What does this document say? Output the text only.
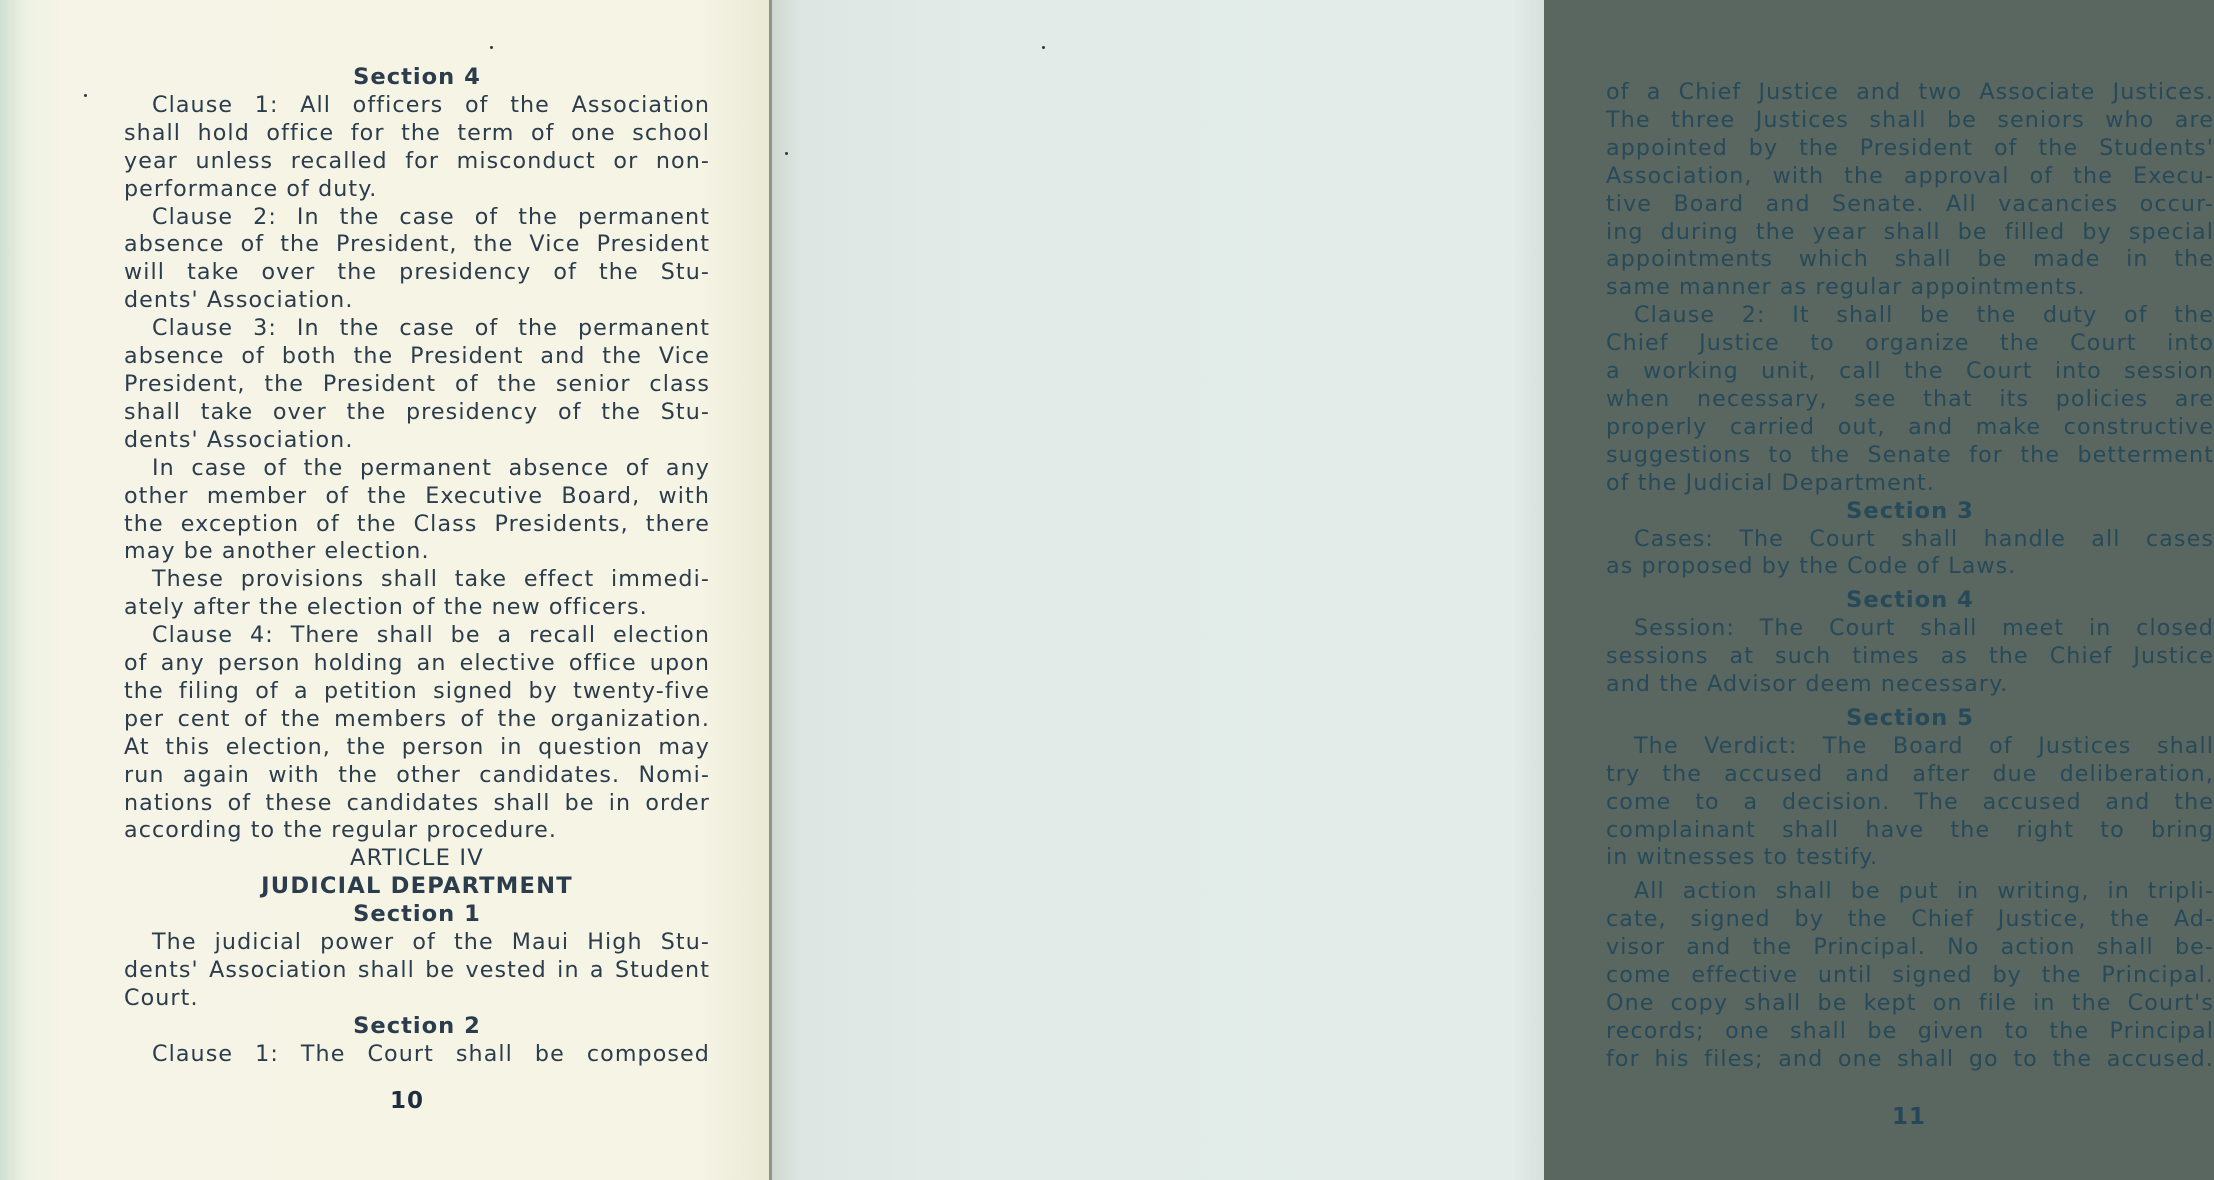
Section 4

Clause 1: All officers of the Association

shall hold office for the term of one school

year unless recalled for misconduct or non-

performance of duty.

Clause 2: In the case of the permanent

absence of the President, the Vice President

will take over the presidency of the Stu-

dents' Association.

Clause 3: In the case of the permanent

absence of both the President and the Vice

President, the President of the senior class

shall take over the presidency of the Stu-

dents' Association.

In case of the permanent absence of any

other member of the Executive Board, with

the exception of the Class Presidents, there

may be another election.

These provisions shall take effect immedi-

ately after the election of the new officers.

Clause 4: There shall be a recall election

of any person holding an elective office upon

the filing of a petition signed by twenty-five

per cent of the members of the organization.

At this election, the person in question may

run again with the other candidates. Nomi-

nations of these candidates shall be in order

according to the regular procedure.

ARTICLE IV
JUDICIAL DEPARTMENT
Section 1

The judicial power of the Maui High Stu-

dents' Association shall be vested in a Student

Court.

Section 2

Clause 1: The Court shall be composed

10

of a Chief Justice and two Associate Justices.

The three Justices shall be seniors who are

appointed by the President of the Students'

Association, with the approval of the Execu-

tive Board and Senate. All vacancies occur-

ing during the year shall be filled by special

appointments which shall be made in the

same manner as regular appointments.

Clause 2: It shall be the duty of the

Chief Justice to organize the Court into

a working unit, call the Court into session

when necessary, see that its policies are

properly carried out, and make constructive

suggestions to the Senate for the betterment

of the Judicial Department.

Section 3

Cases: The Court shall handle all cases

as proposed by the Code of Laws.

Section 4

Session: The Court shall meet in closed

sessions at such times as the Chief Justice

and the Advisor deem necessary.

Section 5

The Verdict: The Board of Justices shall

try the accused and after due deliberation,

come to a decision. The accused and the

complainant shall have the right to bring

in witnesses to testify.

All action shall be put in writing, in tripli-

cate, signed by the Chief Justice, the Ad-

visor and the Principal. No action shall be-

come effective until signed by the Principal.

One copy shall be kept on file in the Court's

records; one shall be given to the Principal

for his files; and one shall go to the accused.

11
